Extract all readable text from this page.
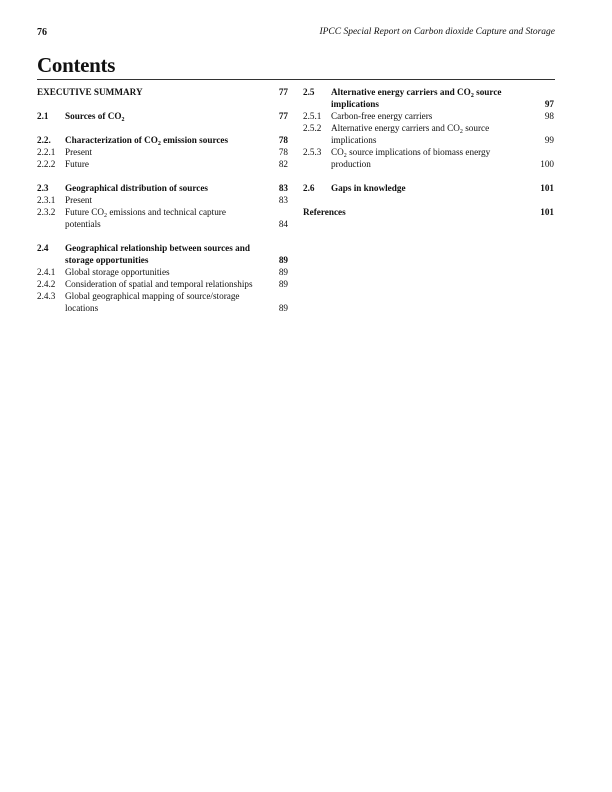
76	IPCC Special Report on Carbon dioxide Capture and Storage
Contents
EXECUTIVE SUMMARY	77
2.1 Sources of $CO_2$	77
2.2. Characterization of $CO_2$ emission sources	78
2.2.1 Present	78
2.2.2 Future	82
2.3 Geographical distribution of sources	83
2.3.1 Present	83
2.3.2 Future $CO_2$ emissions and technical capture potentials	84
2.4 Geographical relationship between sources and storage opportunities	89
2.4.1 Global storage opportunities	89
2.4.2 Consideration of spatial and temporal relationships	89
2.4.3 Global geographical mapping of source/storage locations	89
2.5 Alternative energy carriers and $CO_2$ source implications	97
2.5.1 Carbon-free energy carriers	98
2.5.2 Alternative energy carriers and $CO_2$ source implications	99
2.5.3 $CO_2$ source implications of biomass energy production	100
2.6 Gaps in knowledge	101
References	101
